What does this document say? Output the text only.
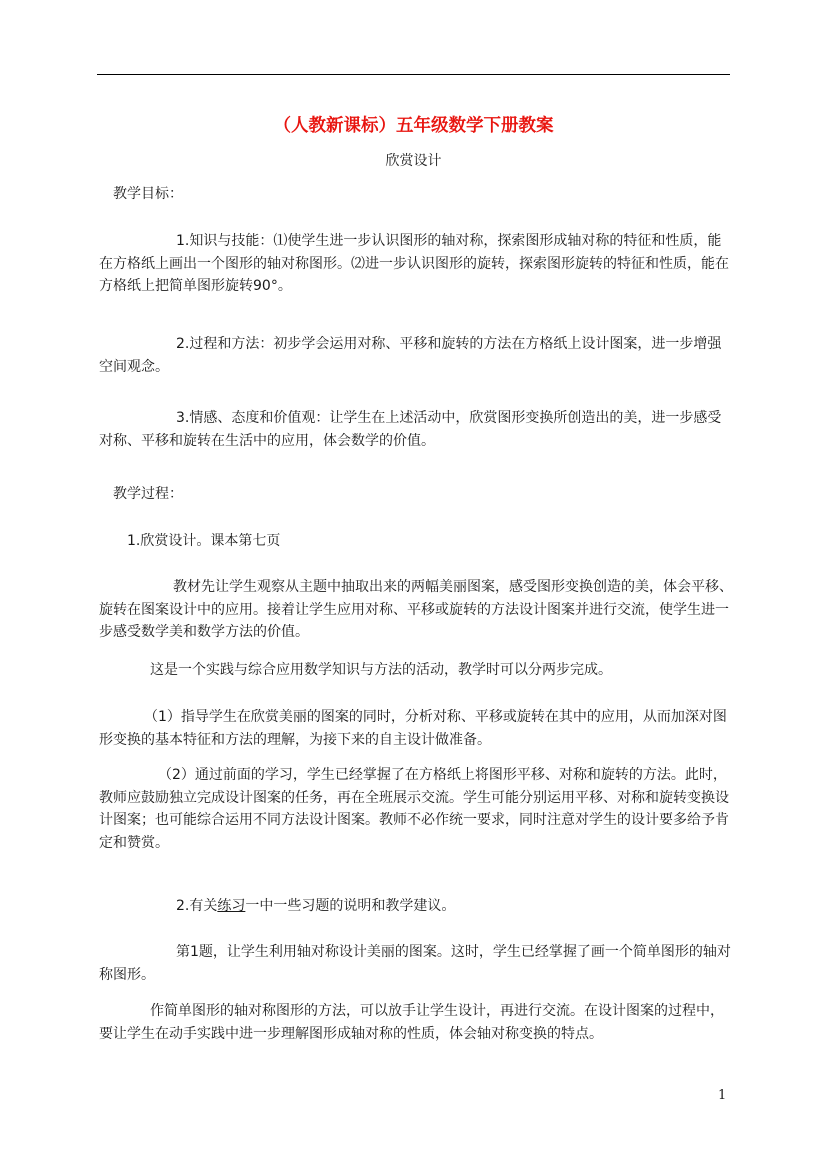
（人教新课标）五年级数学下册教案
欣赏设计
教学目标：
1.知识与技能：⑴使学生进一步认识图形的轴对称，探索图形成轴对称的特征和性质，能在方格纸上画出一个图形的轴对称图形。⑵进一步认识图形的旋转，探索图形旋转的特征和性质，能在方格纸上把简单图形旋转90°。
2.过程和方法：初步学会运用对称、平移和旋转的方法在方格纸上设计图案，进一步增强空间观念。
3.情感、态度和价值观：让学生在上述活动中，欣赏图形变换所创造出的美，进一步感受对称、平移和旋转在生活中的应用，体会数学的价值。
教学过程：
1.欣赏设计。课本第七页
教材先让学生观察从主题中抽取出来的两幅美丽图案，感受图形变换创造的美，体会平移、旋转在图案设计中的应用。接着让学生应用对称、平移或旋转的方法设计图案并进行交流，使学生进一步感受数学美和数学方法的价值。
这是一个实践与综合应用数学知识与方法的活动，教学时可以分两步完成。
（1）指导学生在欣赏美丽的图案的同时，分析对称、平移或旋转在其中的应用，从而加深对图形变换的基本特征和方法的理解，为接下来的自主设计做准备。
（2）通过前面的学习，学生已经掌握了在方格纸上将图形平移、对称和旋转的方法。此时，教师应鼓励独立完成设计图案的任务，再在全班展示交流。学生可能分别运用平移、对称和旋转变换设计图案；也可能综合运用不同方法设计图案。教师不必作统一要求，同时注意对学生的设计要多给予肯定和赞赏。
2.有关练习一中一些习题的说明和教学建议。
第1题，让学生利用轴对称设计美丽的图案。这时，学生已经掌握了画一个简单图形的轴对称图形。
作简单图形的轴对称图形的方法，可以放手让学生设计，再进行交流。在设计图案的过程中，要让学生在动手实践中进一步理解图形成轴对称的性质，体会轴对称变换的特点。
1
